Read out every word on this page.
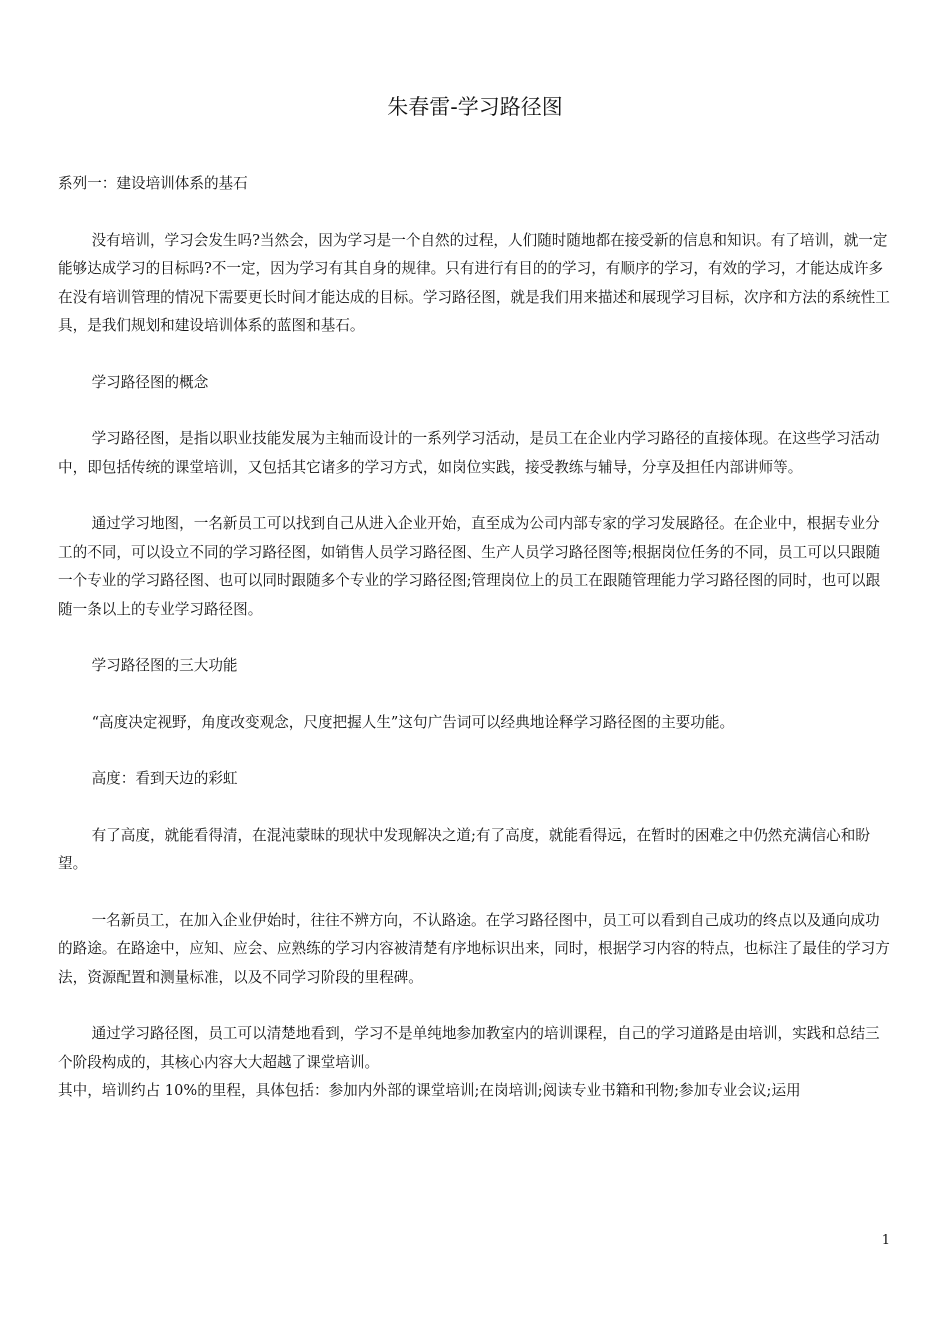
朱春雷-学习路径图

系列一：建设培训体系的基石

没有培训，学习会发生吗?当然会，因为学习是一个自然的过程，人们随时随地都在接受新的信息和知识。有了培训，就一定能够达成学习的目标吗?不一定，因为学习有其自身的规律。只有进行有目的的学习，有顺序的学习，有效的学习，才能达成许多在没有培训管理的情况下需要更长时间才能达成的目标。学习路径图，就是我们用来描述和展现学习目标，次序和方法的系统性工具，是我们规划和建设培训体系的蓝图和基石。

学习路径图的概念

学习路径图，是指以职业技能发展为主轴而设计的一系列学习活动，是员工在企业内学习路径的直接体现。在这些学习活动中，即包括传统的课堂培训，又包括其它诸多的学习方式，如岗位实践，接受教练与辅导，分享及担任内部讲师等。

通过学习地图，一名新员工可以找到自己从进入企业开始，直至成为公司内部专家的学习发展路径。在企业中，根据专业分工的不同，可以设立不同的学习路径图，如销售人员学习路径图、生产人员学习路径图等;根据岗位任务的不同，员工可以只跟随一个专业的学习路径图、也可以同时跟随多个专业的学习路径图;管理岗位上的员工在跟随管理能力学习路径图的同时，也可以跟随一条以上的专业学习路径图。

学习路径图的三大功能

“高度决定视野，角度改变观念，尺度把握人生”这句广告词可以经典地诠释学习路径图的主要功能。

高度：看到天边的彩虹

有了高度，就能看得清，在混沌蒙昧的现状中发现解决之道;有了高度，就能看得远，在暂时的困难之中仍然充满信心和盼望。

一名新员工，在加入企业伊始时，往往不辨方向，不认路途。在学习路径图中，员工可以看到自己成功的终点以及通向成功的路途。在路途中，应知、应会、应熟练的学习内容被清楚有序地标识出来，同时，根据学习内容的特点，也标注了最佳的学习方法，资源配置和测量标准，以及不同学习阶段的里程碑。

通过学习路径图，员工可以清楚地看到，学习不是单纯地参加教室内的培训课程，自己的学习道路是由培训，实践和总结三个阶段构成的，其核心内容大大超越了课堂培训。

其中，培训约占 10%的里程，具体包括：参加内外部的课堂培训;在岗培训;阅读专业书籍和刊物;参加专业会议;运用

1
